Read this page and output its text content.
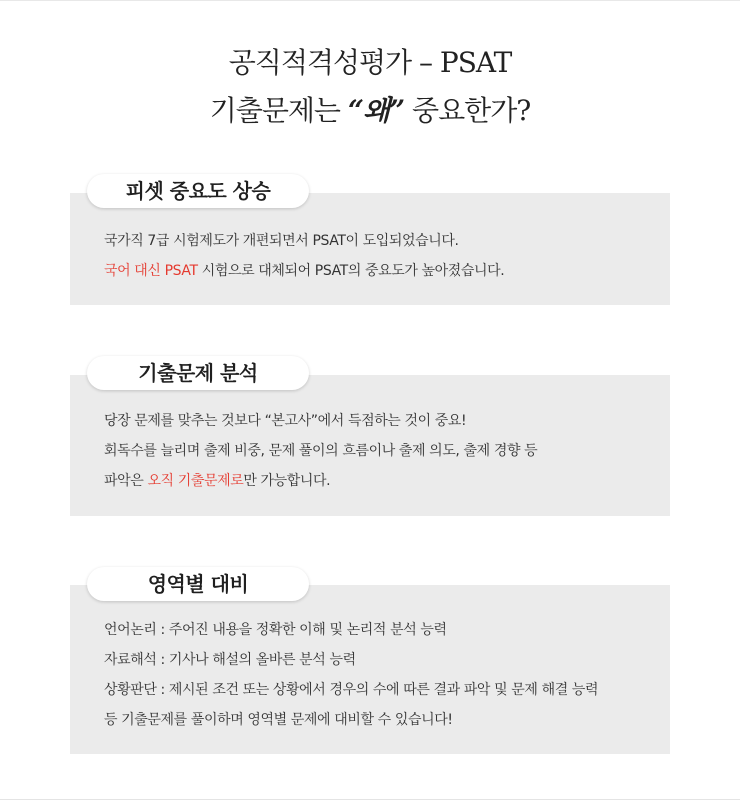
공직적격성평가 – PSAT
기출문제는 “왜” 중요한가?
국가직 7급 시험제도가 개편되면서 PSAT이 도입되었습니다.
국어 대신 PSAT 시험으로 대체되어 PSAT의 중요도가 높아졌습니다.
피셋 중요도 상승
당장 문제를 맞추는 것보다 “본고사”에서 득점하는 것이 중요!
회독수를 늘리며 출제 비중, 문제 풀이의 흐름이나 출제 의도, 출제 경향 등
파악은 오직 기출문제로만 가능합니다.
기출문제 분석
언어논리 : 주어진 내용을 정확한 이해 및 논리적 분석 능력
자료해석 : 기사나 해설의 올바른 분석 능력
상황판단 : 제시된 조건 또는 상황에서 경우의 수에 따른 결과 파악 및 문제 해결 능력
등 기출문제를 풀이하며 영역별 문제에 대비할 수 있습니다!
영역별 대비
